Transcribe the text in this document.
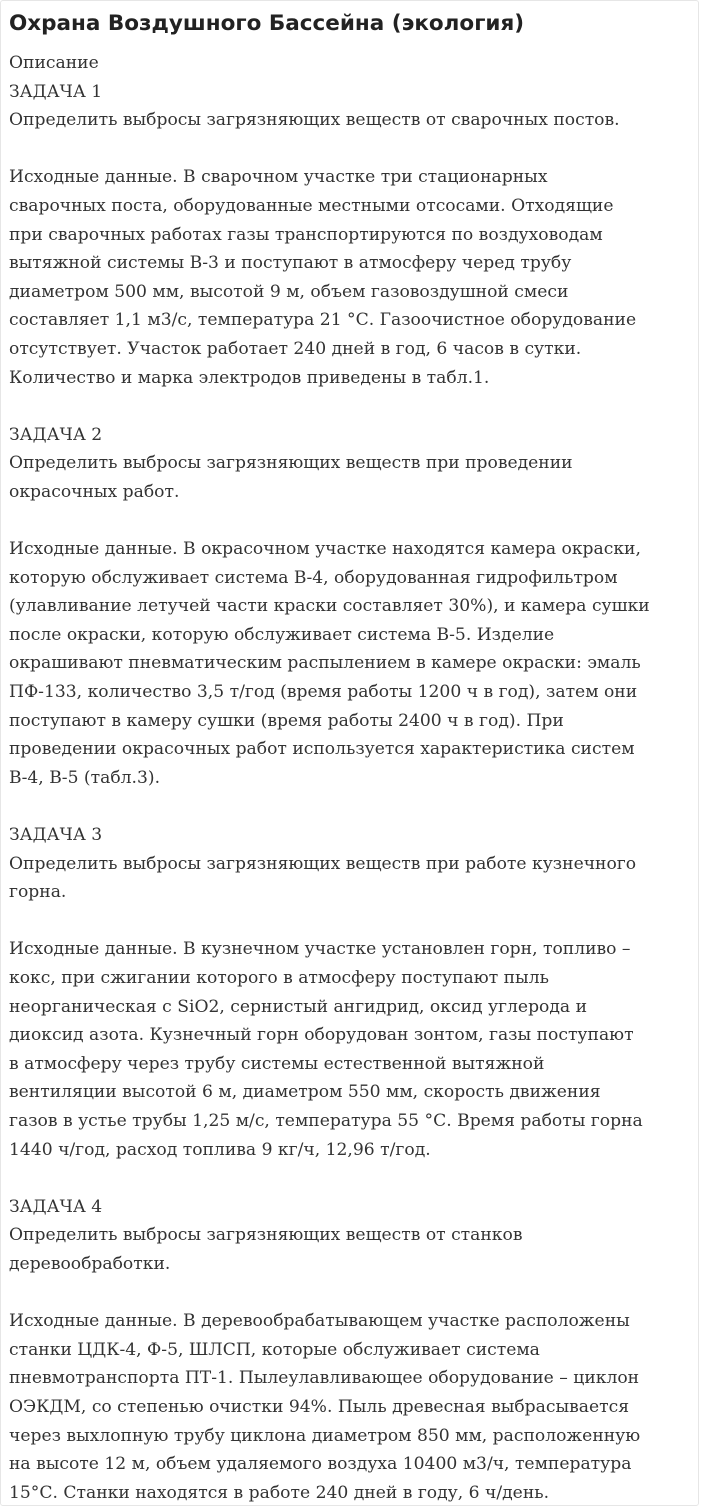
Охрана Воздушного Бассейна (экология)
Описание
ЗАДАЧА 1
Определить выбросы загрязняющих веществ от сварочных постов.
Исходные данные. В сварочном участке три стационарных
сварочных поста, оборудованные местными отсосами. Отходящие
при сварочных работах газы транспортируются по воздуховодам
вытяжной системы В-3 и поступают в атмосферу черед трубу
диаметром 500 мм, высотой 9 м, объем газовоздушной смеси
составляет 1,1 м3/с, температура 21 °С. Газоочистное оборудование
отсутствует. Участок работает 240 дней в год, 6 часов в сутки.
Количество и марка электродов приведены в табл.1.
ЗАДАЧА 2
Определить выбросы загрязняющих веществ при проведении
окрасочных работ.
Исходные данные. В окрасочном участке находятся камера окраски,
которую обслуживает система В-4, оборудованная гидрофильтром
(улавливание летучей части краски составляет 30%), и камера сушки
после окраски, которую обслуживает система В-5. Изделие
окрашивают пневматическим распылением в камере окраски: эмаль
ПФ-133, количество 3,5 т/год (время работы 1200 ч в год), затем они
поступают в камеру сушки (время работы 2400 ч в год). При
проведении окрасочных работ используется характеристика систем
В-4, В-5 (табл.3).
ЗАДАЧА 3
Определить выбросы загрязняющих веществ при работе кузнечного
горна.
Исходные данные. В кузнечном участке установлен горн, топливо –
кокс, при сжигании которого в атмосферу поступают пыль
неорганическая с SiO2, сернистый ангидрид, оксид углерода и
диоксид азота. Кузнечный горн оборудован зонтом, газы поступают
в атмосферу через трубу системы естественной вытяжной
вентиляции высотой 6 м, диаметром 550 мм, скорость движения
газов в устье трубы 1,25 м/с, температура 55 °С. Время работы горна
1440 ч/год, расход топлива 9 кг/ч, 12,96 т/год.
ЗАДАЧА 4
Определить выбросы загрязняющих веществ от станков
деревообработки.
Исходные данные. В деревообрабатывающем участке расположены
станки ЦДК-4, Ф-5, ШЛСП, которые обслуживает система
пневмотранспорта ПТ-1. Пылеулавливающее оборудование – циклон
ОЭКДМ, со степенью очистки 94%. Пыль древесная выбрасывается
через выхлопную трубу циклона диаметром 850 мм, расположенную
на высоте 12 м, объем удаляемого воздуха 10400 м3/ч, температура
15°С. Станки находятся в работе 240 дней в году, 6 ч/день.
